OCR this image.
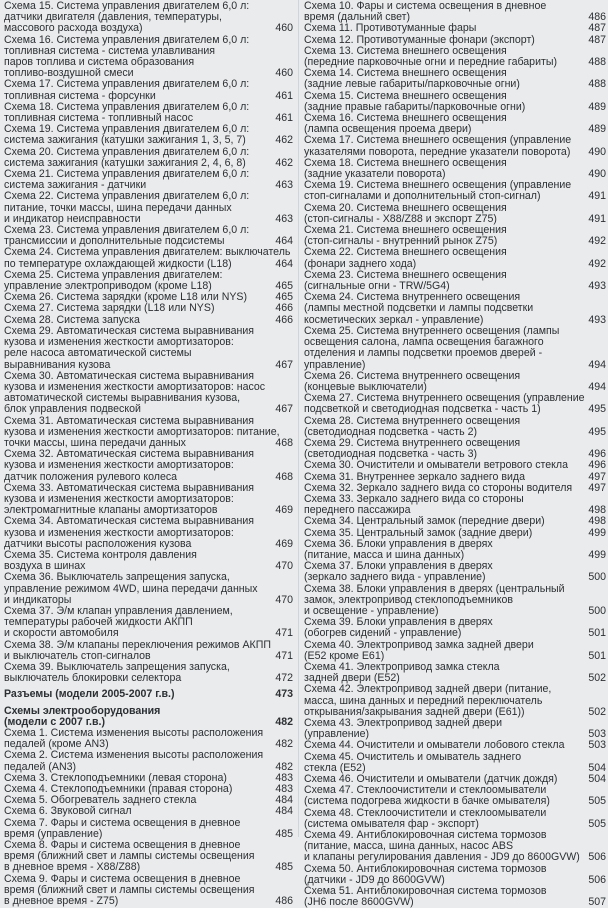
Схема 15. Система управления двигателем 6,0 л:
датчики двигателя (давления, температуры,
массового расхода воздуха)	460
Схема 16. Система управления двигателем 6,0 л:
топливная система - система улавливания
паров топлива и система образования
топливо-воздушной смеси	460
Схема 17. Система управления двигателем 6,0 л:
топливная система - форсунки	461
Схема 18. Система управления двигателем 6,0 л:
топливная система - топливный насос	461
Схема 19. Система управления двигателем 6,0 л:
система зажигания (катушки зажигания 1, 3, 5, 7)	462
Схема 20. Система управления двигателем 6,0 л:
система зажигания (катушки зажигания 2, 4, 6, 8)	462
Схема 21. Система управления двигателем 6,0 л:
система зажигания - датчики	463
Схема 22. Система управления двигателем 6,0 л:
питание, точки массы, шина передачи данных
и индикатор неисправности	463
Схема 23. Система управления двигателем 6,0 л:
трансмиссии и дополнительные подсистемы	464
Схема 24. Система управления двигателем: выключатель
по температуре охлаждающей жидкости (L18)	464
Схема 25. Система управления двигателем:
управление электроприводом (кроме L18)	465
Схема 26. Система зарядки (кроме L18 или NYS)	465
Схема 27. Система зарядки (L18 или NYS)	466
Схема 28. Система запуска	466
Схема 29. Автоматическая система выравнивания
кузова и изменения жесткости амортизаторов:
реле насоса автоматической системы
выравнивания кузова	467
Схема 30. Автоматическая система выравнивания
кузова и изменения жесткости амортизаторов: насос
автоматической системы выравнивания кузова,
блок управления подвеской	467
Схема 31. Автоматическая система выравнивания
кузова и изменения жесткости амортизаторов: питание,
точки массы, шина передачи данных	468
Схема 32. Автоматическая система выравнивания
кузова и изменения жесткости амортизаторов:
датчик положения рулевого колеса	468
Схема 33. Автоматическая система выравнивания
кузова и изменения жесткости амортизаторов:
электромагнитные клапаны амортизаторов	469
Схема 34. Автоматическая система выравнивания
кузова и изменения жесткости амортизаторов:
датчики высоты расположения кузова	469
Схема 35. Система контроля давления
воздуха в шинах	470
Схема 36. Выключатель запрещения запуска,
управление режимом 4WD, шина передачи данных
и индикаторы	470
Схема 37. Э/м клапан управления давлением,
температуры рабочей жидкости АКПП
и скорости автомобиля	471
Схема 38. Э/м клапаны переключения режимов АКПП
и выключатель стоп-сигналов	471
Схема 39. Выключатель запрещения запуска,
выключатель блокировки селектора	472
Разъемы (модели 2005-2007 г.в.)	473
Схемы электрооборудования
(модели с 2007 г.в.)	482
Схема 1. Система изменения высоты расположения
педалей (кроме AN3)	482
Схема 2. Система изменения высоты расположения
педалей (AN3)	482
Схема 3. Стеклоподъемники (левая сторона)	483
Схема 4. Стеклоподъемники (правая сторона)	483
Схема 5. Обогреватель заднего стекла	484
Схема 6. Звуковой сигнал	484
Схема 7. Фары и система освещения в дневное
время (управление)	485
Схема 8. Фары и система освещения в дневное
время (ближний свет и лампы системы освещения
в дневное время - X88/Z88)	485
Схема 9. Фары и система освещения в дневное
время (ближний свет и лампы системы освещения
в дневное время - Z75)	486
Схема 10. Фары и система освещения в дневное
время (дальний свет)	486
Схема 11. Противотуманные фары	487
Схема 12. Противотуманные фонари (экспорт)	487
Схема 13. Система внешнего освещения
(передние парковочные огни и передние габариты)	488
Схема 14. Система внешнего освещения
(задние левые габариты/парковочные огни)	488
Схема 15. Система внешнего освещения
(задние правые габариты/парковочные огни)	489
Схема 16. Система внешнего освещения
(лампа освещения проема двери)	489
Схема 17. Система внешнего освещения (управление
указателями поворота, передние указатели поворота)	490
Схема 18. Система внешнего освещения
(задние указатели поворота)	490
Схема 19. Система внешнего освещения (управление
стоп-сигналами и дополнительный стоп-сигнал)	491
Схема 20. Система внешнего освещения
(стоп-сигналы - X88/Z88 и экспорт Z75)	491
Схема 21. Система внешнего освещения
(стоп-сигналы - внутренний рынок Z75)	492
Схема 22. Система внешнего освещения
(фонари заднего хода)	492
Схема 23. Система внешнего освещения
(сигнальные огни - TRW/5G4)	493
Схема 24. Система внутреннего освещения
(лампы местной подсветки и лампы подсветки
косметических зеркал - управление)	493
Схема 25. Система внутреннего освещения (лампы
освещения салона, лампа освещения багажного
отделения и лампы подсветки проемов дверей -
управление)	494
Схема 26. Система внутреннего освещения
(концевые выключатели)	494
Схема 27. Система внутреннего освещения (управление
подсветкой и светодиодная подсветка - часть 1)	495
Схема 28. Система внутреннего освещения
(светодиодная подсветка - часть 2)	495
Схема 29. Система внутреннего освещения
(светодиодная подсветка - часть 3)	496
Схема 30. Очистители и омыватели ветрового стекла	496
Схема 31. Внутреннее зеркало заднего вида	497
Схема 32. Зеркало заднего вида со стороны водителя	497
Схема 33. Зеркало заднего вида со стороны
переднего пассажира	498
Схема 34. Центральный замок (передние двери)	498
Схема 35. Центральный замок (задние двери)	499
Схема 36. Блоки управления в дверях
(питание, масса и шина данных)	499
Схема 37. Блоки управления в дверях
(зеркало заднего вида - управление)	500
Схема 38. Блоки управления в дверях (центральный
замок, электропривод стеклоподъемников
и освещение - управление)	500
Схема 39. Блоки управления в дверях
(обогрев сидений - управление)	501
Схема 40. Электропривод замка задней двери
(E52 кроме E61)	501
Схема 41. Электропривод замка стекла
задней двери (E52)	502
Схема 42. Электропривод задней двери (питание,
масса, шина данных и передний переключатель
открывания/закрывания задней двери (E61))	502
Схема 43. Электропривод задней двери
(управление)	503
Схема 44. Очистители и омыватели лобового стекла	503
Схема 45. Очиститель и омыватель заднего
стекла (E52)	504
Схема 46. Очистители и омыватели (датчик дождя)	504
Схема 47. Стеклоочистители и стеклоомыватели
(система подогрева жидкости в бачке омывателя)	505
Схема 48. Стеклоочистители и стеклоомыватели
(система омывателя фар - экспорт)	505
Схема 49. Антиблокировочная система тормозов
(питание, масса, шина данных, насос ABS
и клапаны регулирования давления - JD9 до 8600GVW) 506
Схема 50. Антиблокировочная система тормозов
(датчики - JD9 до 8600GVW)	506
Схема 51. Антиблокировочная система тормозов
(JH6 после 8600GVW)	507
